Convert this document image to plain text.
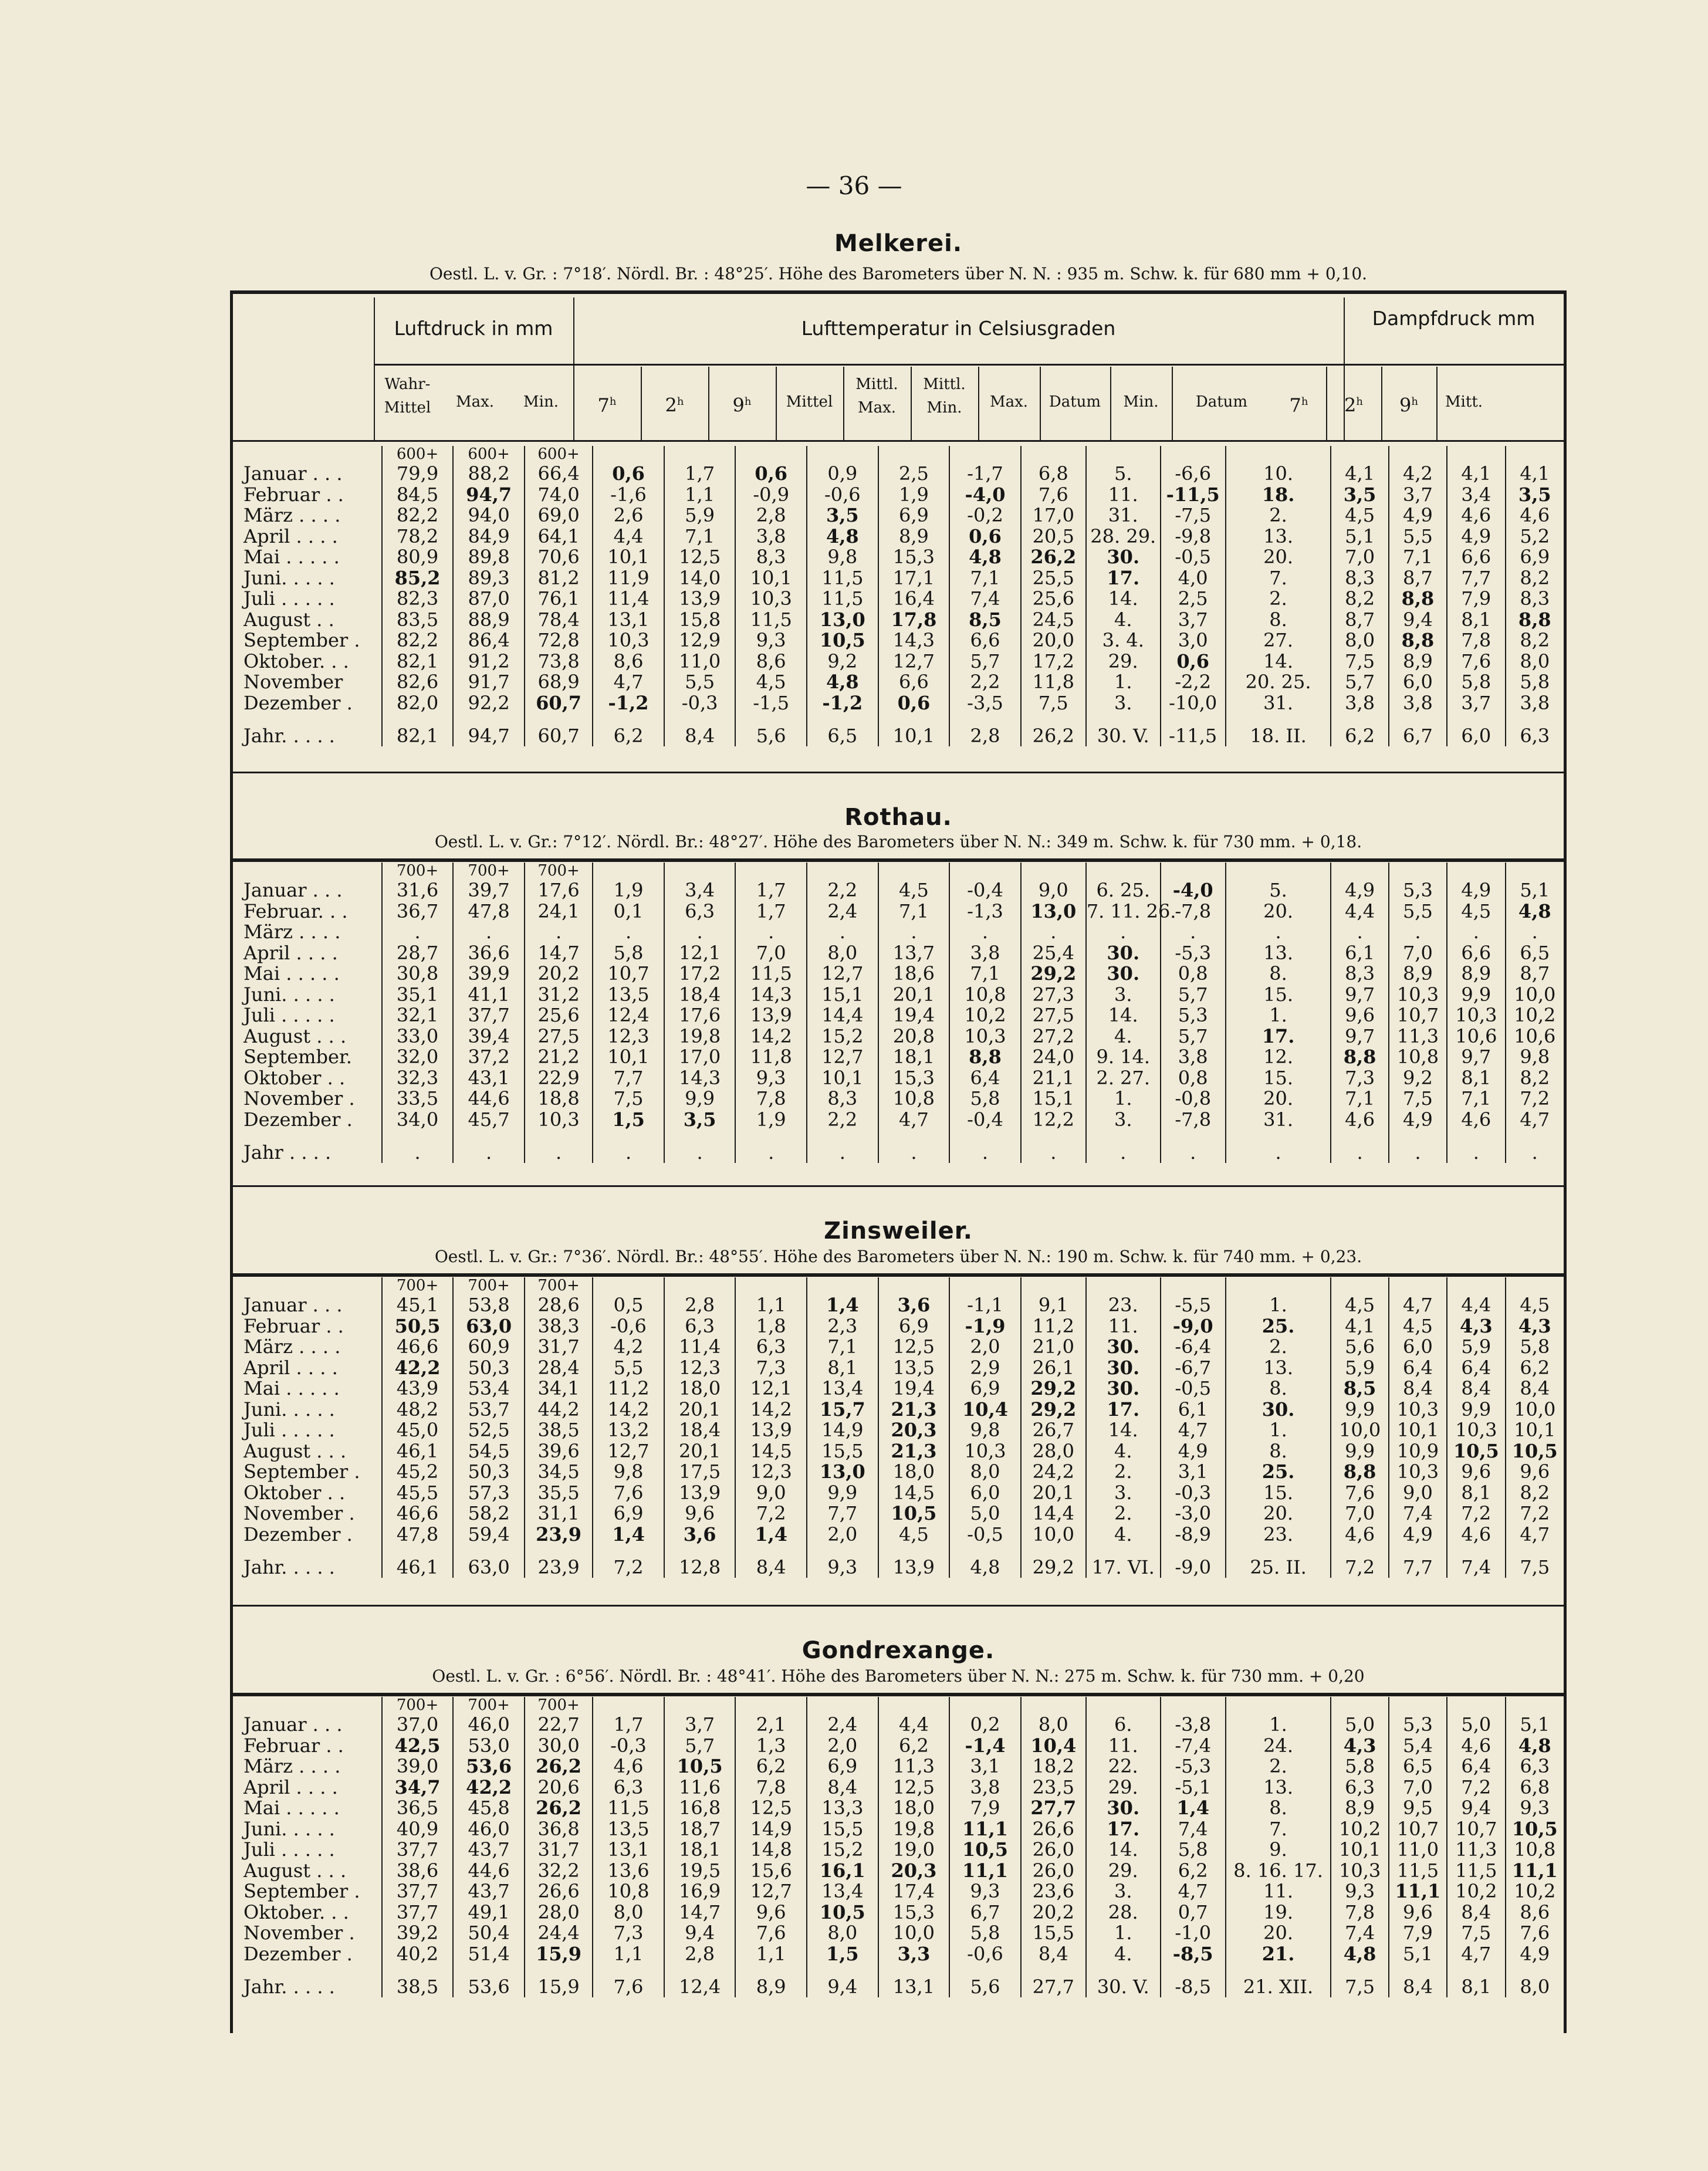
— 36 —
Luftdruck in mm	Lufttemperatur in Celsiusgraden	Dampfdruck mm
Wahr-
Mittel	Max.	Min.	7$^h$	2$^h$	9$^h$	Mittel
Mittl.
Max.
Mittl.
Min.	Max.	Datum	Min.	Datum	7$^h$	2$^h$	9$^h$	Mitt.
	600+	600+	600+														
Januar . . .	79,9	88,2	66,4	0,6	1,7	0,6	0,9	2,5	-1,7	6,8	5.	-6,6	10.	4,1	4,2	4,1	4,1
Februar . .	84,5	94,7	74,0	-1,6	1,1	-0,9	-0,6	1,9	-4,0	7,6	11.	-11,5	18.	3,5	3,7	3,4	3,5
März . . . .	82,2	94,0	69,0	2,6	5,9	2,8	3,5	6,9	-0,2	17,0	31.	-7,5	2.	4,5	4,9	4,6	4,6
April . . . .	78,2	84,9	64,1	4,4	7,1	3,8	4,8	8,9	0,6	20,5	28. 29.	-9,8	13.	5,1	5,5	4,9	5,2
Mai . . . . .	80,9	89,8	70,6	10,1	12,5	8,3	9,8	15,3	4,8	26,2	30.	-0,5	20.	7,0	7,1	6,6	6,9
Juni. . . . .	85,2	89,3	81,2	11,9	14,0	10,1	11,5	17,1	7,1	25,5	17.	4,0	7.	8,3	8,7	7,7	8,2
Juli . . . . .	82,3	87,0	76,1	11,4	13,9	10,3	11,5	16,4	7,4	25,6	14.	2,5	2.	8,2	8,8	7,9	8,3
August . .	83,5	88,9	78,4	13,1	15,8	11,5	13,0	17,8	8,5	24,5	4.	3,7	8.	8,7	9,4	8,1	8,8
September .	82,2	86,4	72,8	10,3	12,9	9,3	10,5	14,3	6,6	20,0	3. 4.	3,0	27.	8,0	8,8	7,8	8,2
Oktober. . .	82,1	91,2	73,8	8,6	11,0	8,6	9,2	12,7	5,7	17,2	29.	0,6	14.	7,5	8,9	7,6	8,0
November	82,6	91,7	68,9	4,7	5,5	4,5	4,8	6,6	2,2	11,8	1.	-2,2	20. 25.	5,7	6,0	5,8	5,8
Dezember .	82,0	92,2	60,7	-1,2	-0,3	-1,5	-1,2	0,6	-3,5	7,5	3.	-10,0	31.	3,8	3,8	3,7	3,8
Jahr. . . . .	82,1	94,7	60,7	6,2	8,4	5,6	6,5	10,1	2,8	26,2	30. V.	-11,5	18. II.	6,2	6,7	6,0	6,3
	700+	700+	700+														
Januar . . .	31,6	39,7	17,6	1,9	3,4	1,7	2,2	4,5	-0,4	9,0	6. 25.	-4,0	5.	4,9	5,3	4,9	5,1
Februar. . .	36,7	47,8	24,1	0,1	6,3	1,7	2,4	7,1	-1,3	13,0	7. 11. 26.	-7,8	20.	4,4	5,5	4,5	4,8
März . . . .	.	.	.	.	.	.	.	.	.	.	.	.	.	.	.	.	.
April . . . .	28,7	36,6	14,7	5,8	12,1	7,0	8,0	13,7	3,8	25,4	30.	-5,3	13.	6,1	7,0	6,6	6,5
Mai . . . . .	30,8	39,9	20,2	10,7	17,2	11,5	12,7	18,6	7,1	29,2	30.	0,8	8.	8,3	8,9	8,9	8,7
Juni. . . . .	35,1	41,1	31,2	13,5	18,4	14,3	15,1	20,1	10,8	27,3	3.	5,7	15.	9,7	10,3	9,9	10,0
Juli . . . . .	32,1	37,7	25,6	12,4	17,6	13,9	14,4	19,4	10,2	27,5	14.	5,3	1.	9,6	10,7	10,3	10,2
August . . .	33,0	39,4	27,5	12,3	19,8	14,2	15,2	20,8	10,3	27,2	4.	5,7	17.	9,7	11,3	10,6	10,6
September.	32,0	37,2	21,2	10,1	17,0	11,8	12,7	18,1	8,8	24,0	9. 14.	3,8	12.	8,8	10,8	9,7	9,8
Oktober . .	32,3	43,1	22,9	7,7	14,3	9,3	10,1	15,3	6,4	21,1	2. 27.	0,8	15.	7,3	9,2	8,1	8,2
November .	33,5	44,6	18,8	7,5	9,9	7,8	8,3	10,8	5,8	15,1	1.	-0,8	20.	7,1	7,5	7,1	7,2
Dezember .	34,0	45,7	10,3	1,5	3,5	1,9	2,2	4,7	-0,4	12,2	3.	-7,8	31.	4,6	4,9	4,6	4,7
Jahr . . . .	.	.	.	.	.	.	.	.	.	.	.	.	.	.	.	.	.
	700+	700+	700+														
Januar . . .	45,1	53,8	28,6	0,5	2,8	1,1	1,4	3,6	-1,1	9,1	23.	-5,5	1.	4,5	4,7	4,4	4,5
Februar . .	50,5	63,0	38,3	-0,6	6,3	1,8	2,3	6,9	-1,9	11,2	11.	-9,0	25.	4,1	4,5	4,3	4,3
März . . . .	46,6	60,9	31,7	4,2	11,4	6,3	7,1	12,5	2,0	21,0	30.	-6,4	2.	5,6	6,0	5,9	5,8
April . . . .	42,2	50,3	28,4	5,5	12,3	7,3	8,1	13,5	2,9	26,1	30.	-6,7	13.	5,9	6,4	6,4	6,2
Mai . . . . .	43,9	53,4	34,1	11,2	18,0	12,1	13,4	19,4	6,9	29,2	30.	-0,5	8.	8,5	8,4	8,4	8,4
Juni. . . . .	48,2	53,7	44,2	14,2	20,1	14,2	15,7	21,3	10,4	29,2	17.	6,1	30.	9,9	10,3	9,9	10,0
Juli . . . . .	45,0	52,5	38,5	13,2	18,4	13,9	14,9	20,3	9,8	26,7	14.	4,7	1.	10,0	10,1	10,3	10,1
August . . .	46,1	54,5	39,6	12,7	20,1	14,5	15,5	21,3	10,3	28,0	4.	4,9	8.	9,9	10,9	10,5	10,5
September .	45,2	50,3	34,5	9,8	17,5	12,3	13,0	18,0	8,0	24,2	2.	3,1	25.	8,8	10,3	9,6	9,6
Oktober . .	45,5	57,3	35,5	7,6	13,9	9,0	9,9	14,5	6,0	20,1	3.	-0,3	15.	7,6	9,0	8,1	8,2
November .	46,6	58,2	31,1	6,9	9,6	7,2	7,7	10,5	5,0	14,4	2.	-3,0	20.	7,0	7,4	7,2	7,2
Dezember .	47,8	59,4	23,9	1,4	3,6	1,4	2,0	4,5	-0,5	10,0	4.	-8,9	23.	4,6	4,9	4,6	4,7
Jahr. . . . .	46,1	63,0	23,9	7,2	12,8	8,4	9,3	13,9	4,8	29,2	17. VI.	-9,0	25. II.	7,2	7,7	7,4	7,5
	700+	700+	700+														
Januar . . .	37,0	46,0	22,7	1,7	3,7	2,1	2,4	4,4	0,2	8,0	6.	-3,8	1.	5,0	5,3	5,0	5,1
Februar . .	42,5	53,0	30,0	-0,3	5,7	1,3	2,0	6,2	-1,4	10,4	11.	-7,4	24.	4,3	5,4	4,6	4,8
März . . . .	39,0	53,6	26,2	4,6	10,5	6,2	6,9	11,3	3,1	18,2	22.	-5,3	2.	5,8	6,5	6,4	6,3
April . . . .	34,7	42,2	20,6	6,3	11,6	7,8	8,4	12,5	3,8	23,5	29.	-5,1	13.	6,3	7,0	7,2	6,8
Mai . . . . .	36,5	45,8	26,2	11,5	16,8	12,5	13,3	18,0	7,9	27,7	30.	1,4	8.	8,9	9,5	9,4	9,3
Juni. . . . .	40,9	46,0	36,8	13,5	18,7	14,9	15,5	19,8	11,1	26,6	17.	7,4	7.	10,2	10,7	10,7	10,5
Juli . . . . .	37,7	43,7	31,7	13,1	18,1	14,8	15,2	19,0	10,5	26,0	14.	5,8	9.	10,1	11,0	11,3	10,8
August . . .	38,6	44,6	32,2	13,6	19,5	15,6	16,1	20,3	11,1	26,0	29.	6,2	8. 16. 17.	10,3	11,5	11,5	11,1
September .	37,7	43,7	26,6	10,8	16,9	12,7	13,4	17,4	9,3	23,6	3.	4,7	11.	9,3	11,1	10,2	10,2
Oktober. . .	37,7	49,1	28,0	8,0	14,7	9,6	10,5	15,3	6,7	20,2	28.	0,7	19.	7,8	9,6	8,4	8,6
November .	39,2	50,4	24,4	7,3	9,4	7,6	8,0	10,0	5,8	15,5	1.	-1,0	20.	7,4	7,9	7,5	7,6
Dezember .	40,2	51,4	15,9	1,1	2,8	1,1	1,5	3,3	-0,6	8,4	4.	-8,5	21.	4,8	5,1	4,7	4,9
Jahr. . . . .	38,5	53,6	15,9	7,6	12,4	8,9	9,4	13,1	5,6	27,7	30. V.	-8,5	21. XII.	7,5	8,4	8,1	8,0
Melkerei.
Oestl. L. v. Gr. : 7°18′. Nördl. Br. : 48°25′. Höhe des Barometers über N. N. : 935 m. Schw. k. für 680 mm + 0,10.
Rothau.
Oestl. L. v. Gr.: 7°12′. Nördl. Br.: 48°27′. Höhe des Barometers über N. N.: 349 m. Schw. k. für 730 mm. + 0,18.
Zinsweiler.
Oestl. L. v. Gr.: 7°36′. Nördl. Br.: 48°55′. Höhe des Barometers über N. N.: 190 m. Schw. k. für 740 mm. + 0,23.
Gondrexange.
Oestl. L. v. Gr. : 6°56′. Nördl. Br. : 48°41′. Höhe des Barometers über N. N.: 275 m. Schw. k. für 730 mm. + 0,20
